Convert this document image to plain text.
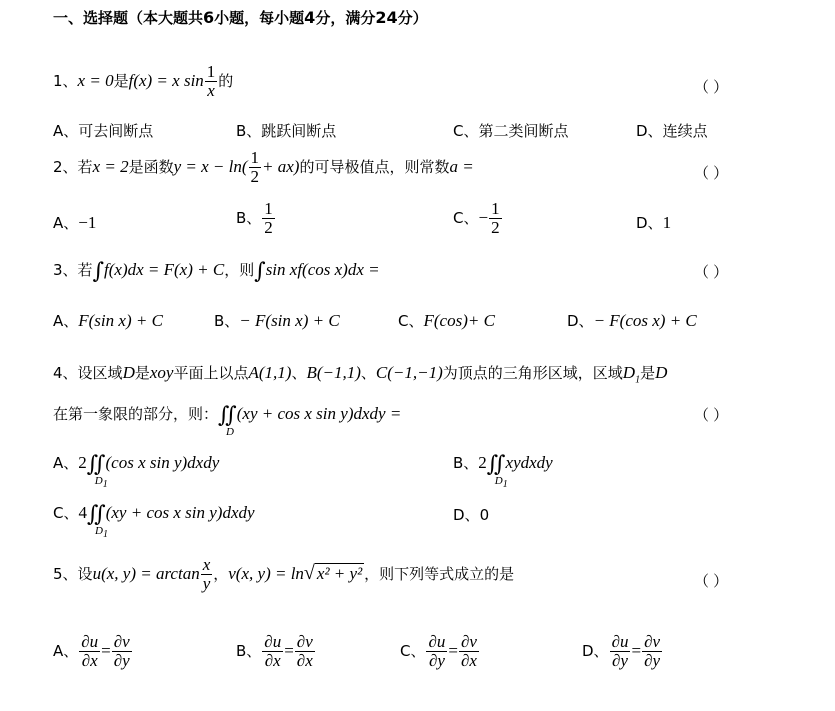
一、选择题（本大题共6小题，每小题4分，满分24分）
1、x = 0是f(x) = x $\sin \frac{1}{x}$ 的	（ ）
A、可去间断点	B、跳跃间断点	C、第二类间断点	D、连续点
2、若x = 2是函数$y = x - \ln( \frac{1}{2} + ax)$的可导极值点，则常数a =	（ ）
A、−1	B、 $\frac{1}{2}$	C、− $\frac{1}{2}$	D、1
3、若∫f(x)dx = F(x) + C，则∫sin xf(cos x)dx =	（ ）
A、F(sin x) + C	B、− F(sin x) + C	C、F(cos)+ C	D、− F(cos x) + C
4、设区域D是xoy平面上以点A(1,1)、B(−1,1)、C(−1,−1)为顶点的三角形区域，区域$D_1$是D
在第一象限的部分，则：∬
D
(xy + cos x sin y)dxdy =	（ ）
A、2∬
$D_1$
(cos x sin y)dxdy	B、2∬
$D_1$
xydxdy
C、4∬
$D_1$
(xy + cos x sin y)dxdy	D、0
5、设u(x, $y) = \arctan \frac{x}{y}$ ，v(x, y) = ln√ x² + y² ，则下列等式成立的是	（ ）
A、 $\frac{\partial u}{\partial x} = \frac{\partial v}{\partial y}$	B、 $\frac{\partial u}{\partial x} = \frac{\partial v}{\partial x}$	C、 $\frac{\partial u}{\partial y} = \frac{\partial v}{\partial x}$	D、 $\frac{\partial u}{\partial y} = \frac{\partial v}{\partial y}$
